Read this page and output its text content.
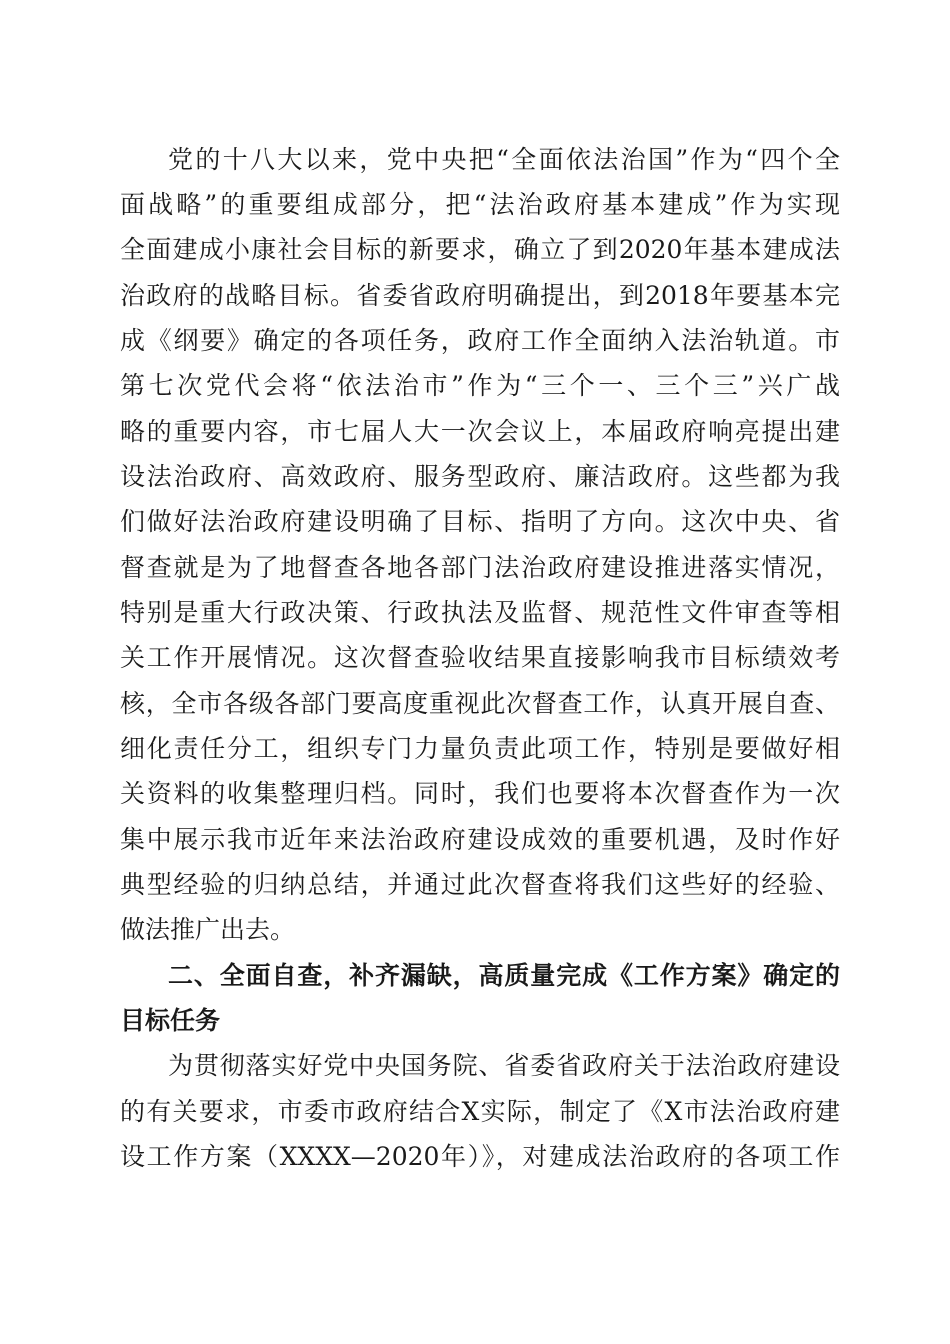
党的十八大以来，党中央把“全面依法治国”作为“四个全
面战略”的重要组成部分，把“法治政府基本建成”作为实现
全面建成小康社会目标的新要求，确立了到2020年基本建成法
治政府的战略目标。省委省政府明确提出，到2018年要基本完
成《纲要》确定的各项任务，政府工作全面纳入法治轨道。市
第七次党代会将“依法治市”作为“三个一、三个三”兴广战
略的重要内容，市七届人大一次会议上，本届政府响亮提出建
设法治政府、高效政府、服务型政府、廉洁政府。这些都为我
们做好法治政府建设明确了目标、指明了方向。这次中央、省
督查就是为了地督查各地各部门法治政府建设推进落实情况，
特别是重大行政决策、行政执法及监督、规范性文件审查等相
关工作开展情况。这次督查验收结果直接影响我市目标绩效考
核，全市各级各部门要高度重视此次督查工作，认真开展自查、
细化责任分工，组织专门力量负责此项工作，特别是要做好相
关资料的收集整理归档。同时，我们也要将本次督查作为一次
集中展示我市近年来法治政府建设成效的重要机遇，及时作好
典型经验的归纳总结，并通过此次督查将我们这些好的经验、
做法推广出去。
二、全面自查，补齐漏缺，高质量完成《工作方案》确定的
目标任务
为贯彻落实好党中央国务院、省委省政府关于法治政府建设
的有关要求，市委市政府结合X实际，制定了《X市法治政府建
设工作方案（XXXX—2020年）》，对建成法治政府的各项工作
